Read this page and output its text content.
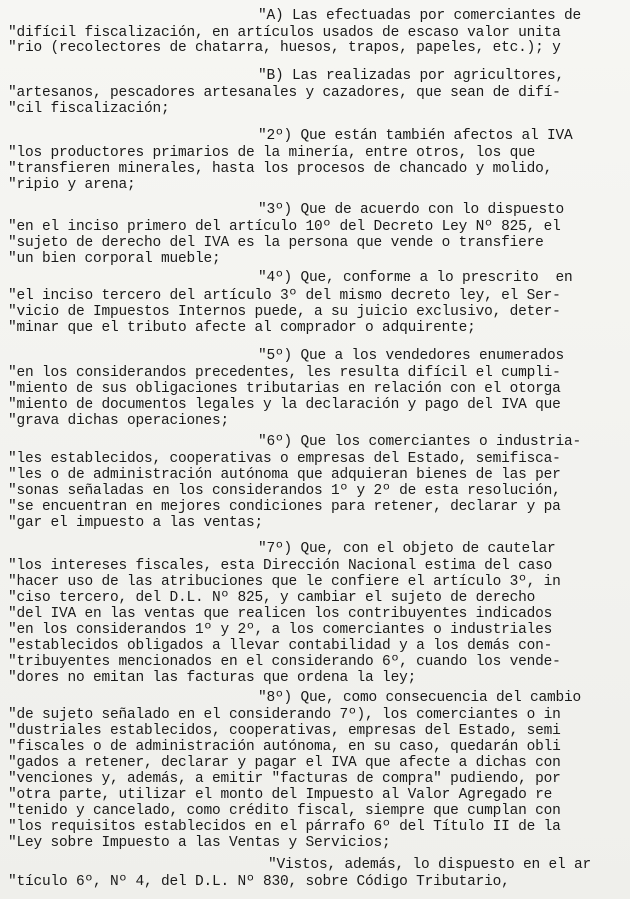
"A) Las efectuadas por comerciantes de
"difícil fiscalización, en artículos usados de escaso valor unita
"rio (recolectores de chatarra, huesos, trapos, papeles, etc.); y
"B) Las realizadas por agricultores,
"artesanos, pescadores artesanales y cazadores, que sean de difí-
"cil fiscalización;
"2º) Que están también afectos al IVA
"los productores primarios de la minería, entre otros, los que
"transfieren minerales, hasta los procesos de chancado y molido,
"ripio y arena;
"3º) Que de acuerdo con lo dispuesto
"en el inciso primero del artículo 10º del Decreto Ley Nº 825, el
"sujeto de derecho del IVA es la persona que vende o transfiere
"un bien corporal mueble;
"4º) Que, conforme a lo prescrito  en
"el inciso tercero del artículo 3º del mismo decreto ley, el Ser-
"vicio de Impuestos Internos puede, a su juicio exclusivo, deter-
"minar que el tributo afecte al comprador o adquirente;
"5º) Que a los vendedores enumerados
"en los considerandos precedentes, les resulta difícil el cumpli-
"miento de sus obligaciones tributarias en relación con el otorga
"miento de documentos legales y la declaración y pago del IVA que
"grava dichas operaciones;
"6º) Que los comerciantes o industria-
"les establecidos, cooperativas o empresas del Estado, semifisca-
"les o de administración autónoma que adquieran bienes de las per
"sonas señaladas en los considerandos 1º y 2º de esta resolución,
"se encuentran en mejores condiciones para retener, declarar y pa
"gar el impuesto a las ventas;
"7º) Que, con el objeto de cautelar
"los intereses fiscales, esta Dirección Nacional estima del caso
"hacer uso de las atribuciones que le confiere el artículo 3º, in
"ciso tercero, del D.L. Nº 825, y cambiar el sujeto de derecho
"del IVA en las ventas que realicen los contribuyentes indicados
"en los considerandos 1º y 2º, a los comerciantes o industriales
"establecidos obligados a llevar contabilidad y a los demás con-
"tribuyentes mencionados en el considerando 6º, cuando los vende-
"dores no emitan las facturas que ordena la ley;
"8º) Que, como consecuencia del cambio
"de sujeto señalado en el considerando 7º), los comerciantes o in
"dustriales establecidos, cooperativas, empresas del Estado, semi
"fiscales o de administración autónoma, en su caso, quedarán obli
"gados a retener, declarar y pagar el IVA que afecte a dichas con
"venciones y, además, a emitir "facturas de compra" pudiendo, por
"otra parte, utilizar el monto del Impuesto al Valor Agregado re
"tenido y cancelado, como crédito fiscal, siempre que cumplan con
"los requisitos establecidos en el párrafo 6º del Título II de la
"Ley sobre Impuesto a las Ventas y Servicios;
"Vistos, además, lo dispuesto en el ar
"tículo 6º, Nº 4, del D.L. Nº 830, sobre Código Tributario,
